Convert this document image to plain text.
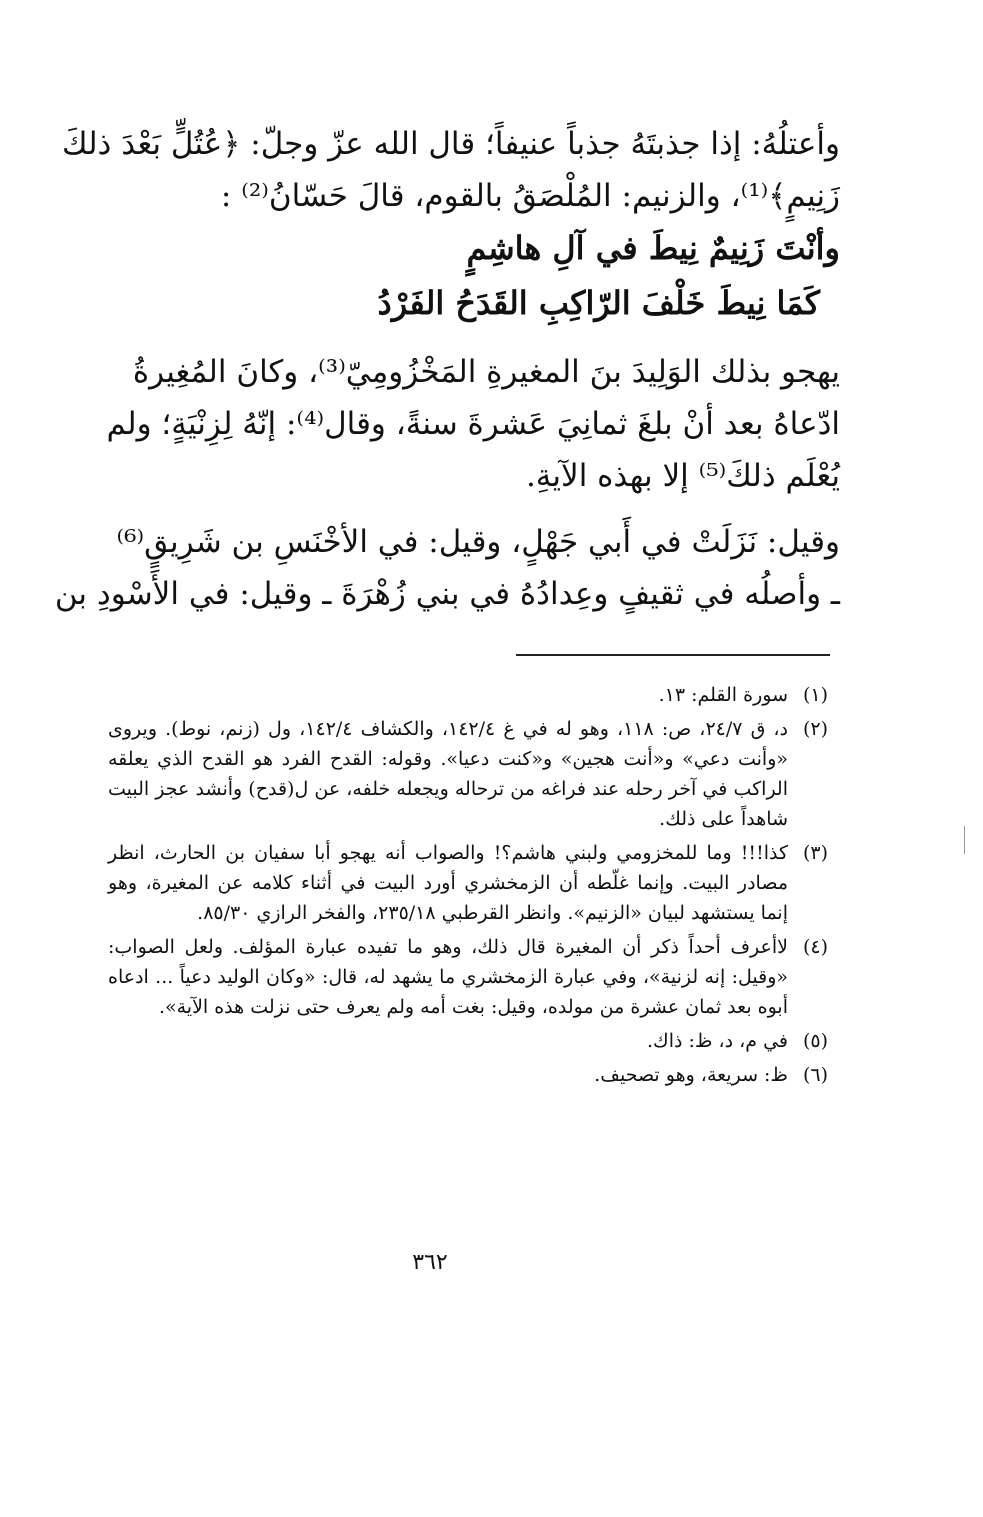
وأعتلُهُ: إذا جذبتَهُ جذباً عنيفاً؛ قال الله عزّ وجلّ: ﴿عُتُلٍّ بَعْدَ ذلكَ
زَنِيمٍ﴾⁽¹⁾، والزنيم: المُلْصَقُ بالقوم، قالَ حَسّانُ⁽²⁾ :
وأنْتَ زَنِيمٌ نِيطَ في آلِ هاشِمٍ
كَمَا نِيطَ خَلْفَ الرّاكِبِ القَدَحُ الفَرْدُ
يهجو بذلك الوَلِيدَ بنَ المغيرةِ المَخْزُومِيّ⁽³⁾، وكانَ المُغِيرةُ
ادّعاهُ بعد أنْ بلغَ ثمانِيَ عَشرةَ سنةً، وقال⁽⁴⁾: إنّهُ لِزِنْيَةٍ؛ ولم
يُعْلَم ذلكَ⁽⁵⁾ إلا بهذه الآيةِ.
وقيل: نَزَلَتْ في أَبي جَهْلٍ، وقيل: في الأخْنَسِ بن شَرِيقٍ⁽⁶⁾
ـ وأصلُه في ثقيفٍ وعِدادُهُ في بني زُهْرَةَ ـ وقيل: في الأَسْودِ بن
(١)
سورة القلم: ١٣.
(٢)
د، ق ٢٤/٧، ص: ١١٨، وهو له في غ ١٤٢/٤، والكشاف ١٤٢/٤، ول (زنم، نوط). ويروى «وأنت دعي» و«أنت هجين» و«كنت دعيا». وقوله: القدح الفرد هو القدح الذي يعلقه الراكب في آخر رحله عند فراغه من ترحاله ويجعله خلفه، عن ل(قدح) وأنشد عجز البيت شاهداً على ذلك.
(٣)
كذا!!! وما للمخزومي ولبني هاشم؟! والصواب أنه يهجو أبا سفيان بن الحارث، انظر مصادر البيت. وإنما غلّطه أن الزمخشري أورد البيت في أثناء كلامه عن المغيرة، وهو إنما يستشهد لبيان «الزنيم». وانظر القرطبي ٢٣٥/١٨، والفخر الرازي ٨٥/٣٠.
(٤)
لاأعرف أحداً ذكر أن المغيرة قال ذلك، وهو ما تفيده عبارة المؤلف. ولعل الصواب: «وقيل: إنه لزنية»، وفي عبارة الزمخشري ما يشهد له، قال: «وكان الوليد دعياً ... ادعاه أبوه بعد ثمان عشرة من مولده، وقيل: بغت أمه ولم يعرف حتى نزلت هذه الآية».
(٥)
في م، د، ظ: ذاك.
(٦)
ظ: سريعة، وهو تصحيف.
٣٦٢
